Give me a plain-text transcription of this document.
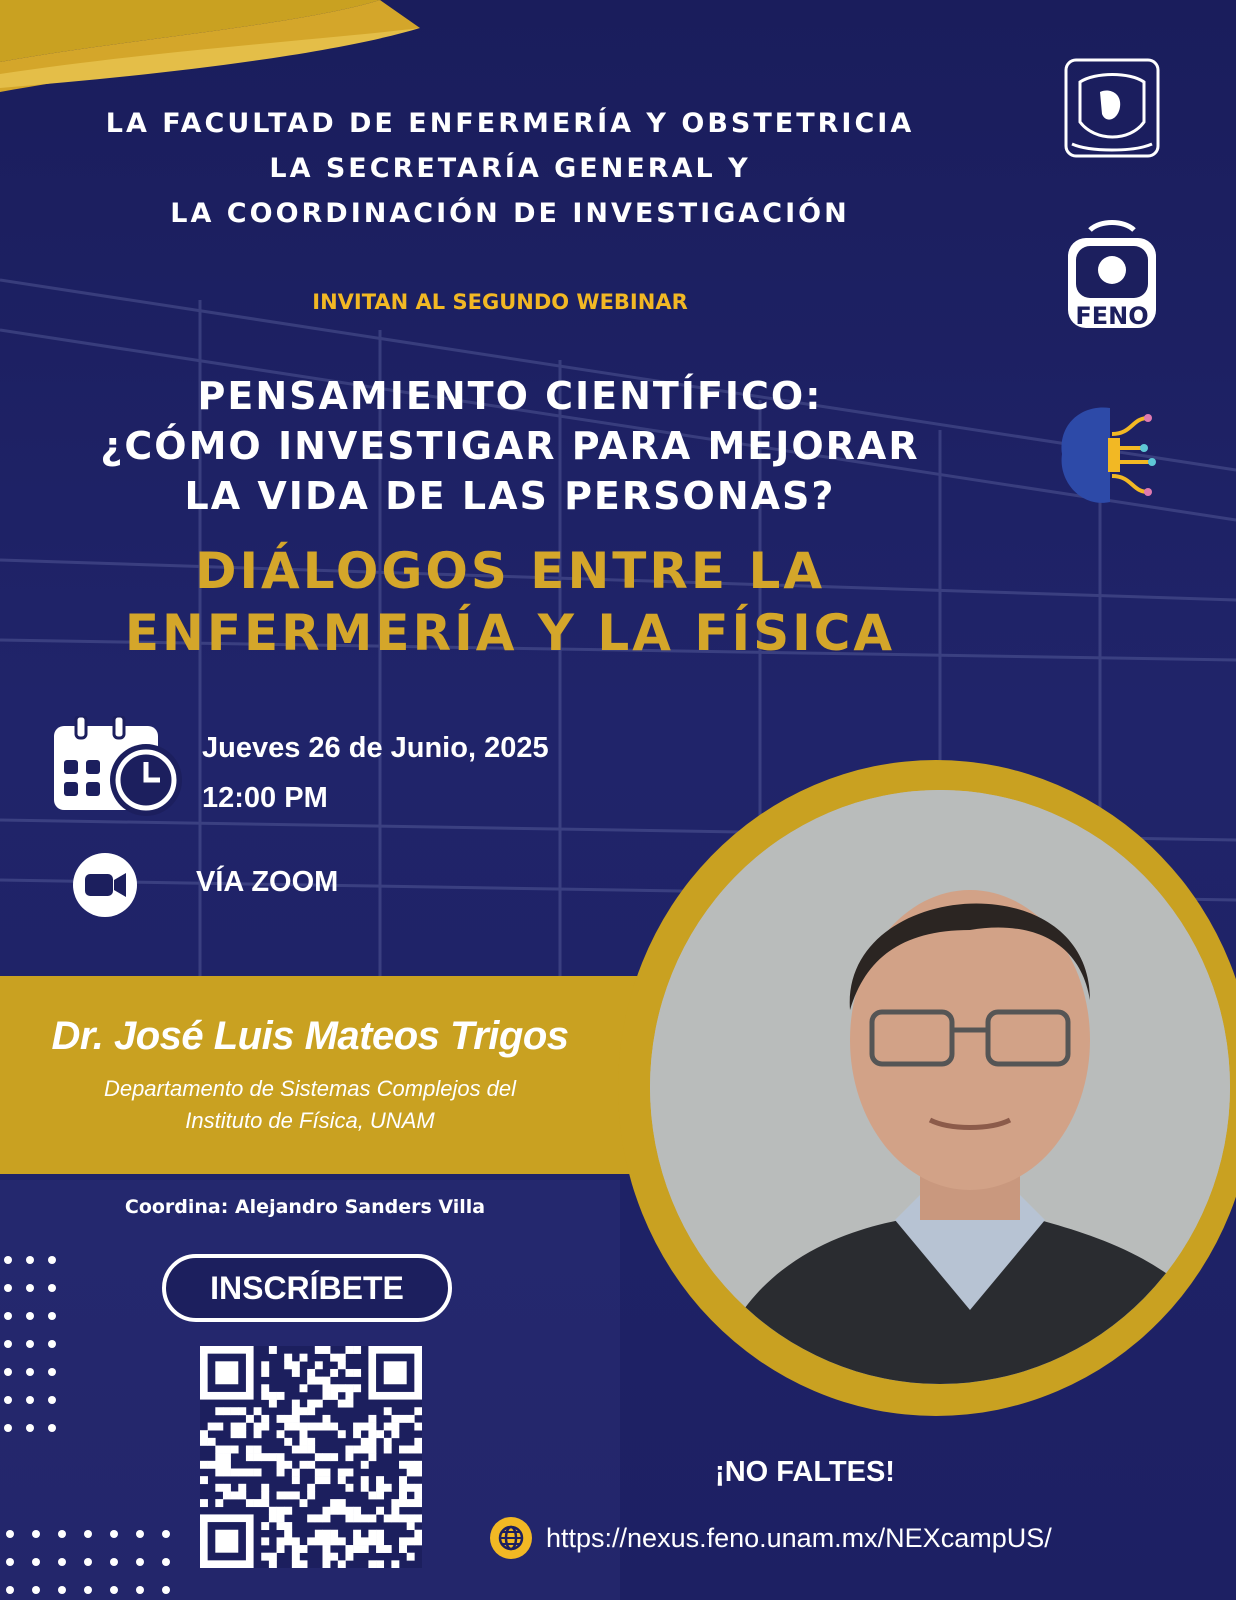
FENO
LA FACULTAD DE ENFERMERÍA Y OBSTETRICIA
LA SECRETARÍA GENERAL Y
LA COORDINACIÓN DE INVESTIGACIÓN
INVITAN AL SEGUNDO WEBINAR
PENSAMIENTO CIENTÍFICO:
¿CÓMO INVESTIGAR PARA MEJORAR
LA VIDA DE LAS PERSONAS?
DIÁLOGOS ENTRE LA
ENFERMERÍA Y LA FÍSICA
Jueves 26 de Junio, 2025
12:00 PM
VÍA ZOOM
Dr. José Luis Mateos Trigos
Departamento de Sistemas Complejos del
Instituto de Física, UNAM
Coordina: Alejandro Sanders Villa
INSCRÍBETE
¡NO FALTES!
https://nexus.feno.unam.mx/NEXcampUS/
